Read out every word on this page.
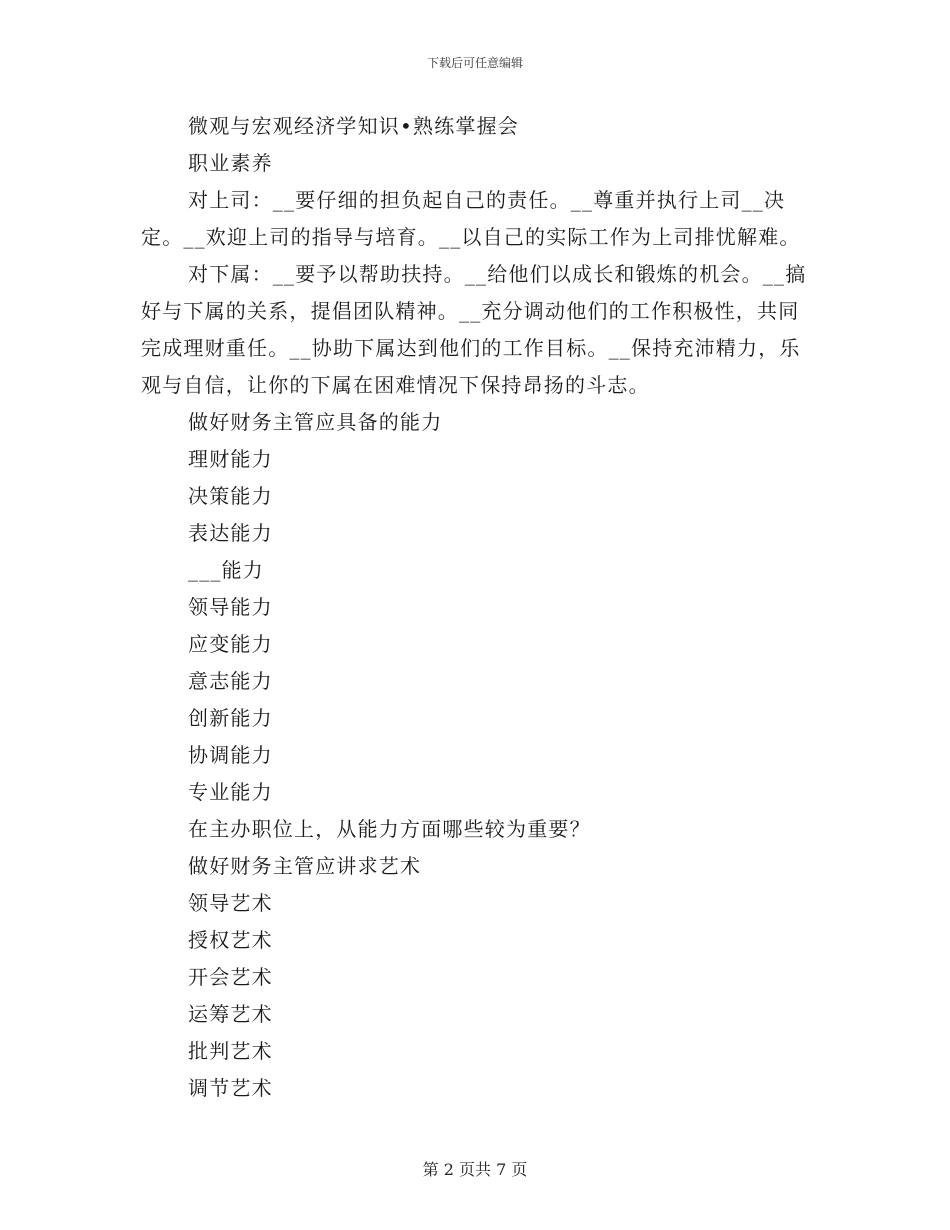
下载后可任意编辑

微观与宏观经济学知识•熟练掌握会

职业素养

对上司：__要仔细的担负起自己的责任。__尊重并执行上司__决定。__欢迎上司的指导与培育。__以自己的实际工作为上司排忧解难。

对下属：__要予以帮助扶持。__给他们以成长和锻炼的机会。__搞好与下属的关系，提倡团队精神。__充分调动他们的工作积极性，共同完成理财重任。__协助下属达到他们的工作目标。__保持充沛精力，乐观与自信，让你的下属在困难情况下保持昂扬的斗志。

做好财务主管应具备的能力

理财能力

决策能力

表达能力

___能力

领导能力

应变能力

意志能力

创新能力

协调能力

专业能力

在主办职位上，从能力方面哪些较为重要？

做好财务主管应讲求艺术

领导艺术

授权艺术

开会艺术

运筹艺术

批判艺术

调节艺术

第 2 页共 7 页
